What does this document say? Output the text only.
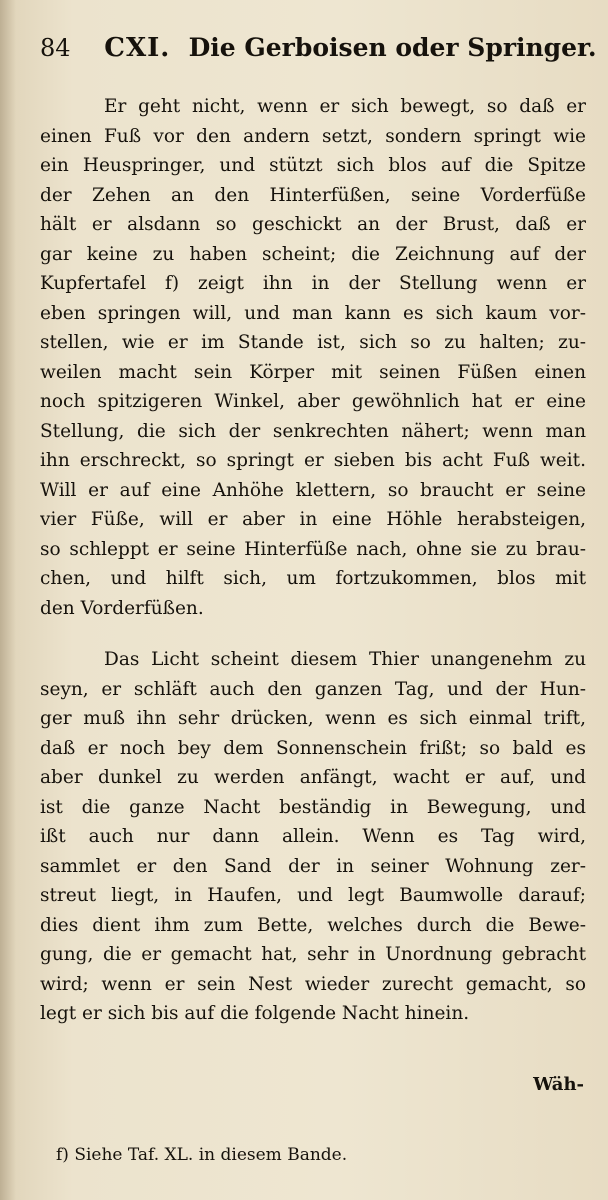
84 CXI. Die Gerboisen oder Springer.
Er geht nicht, wenn er sich bewegt, so daß er
einen Fuß vor den andern setzt, sondern springt wie
ein Heuspringer, und stützt sich blos auf die Spitze
der Zehen an den Hinterfüßen, seine Vorderfüße
hält er alsdann so geschickt an der Brust, daß er
gar keine zu haben scheint; die Zeichnung auf der
Kupfertafel f) zeigt ihn in der Stellung wenn er
eben springen will, und man kann es sich kaum vor-
stellen, wie er im Stande ist, sich so zu halten; zu-
weilen macht sein Körper mit seinen Füßen einen
noch spitzigeren Winkel, aber gewöhnlich hat er eine
Stellung, die sich der senkrechten nähert; wenn man
ihn erschreckt, so springt er sieben bis acht Fuß weit.
Will er auf eine Anhöhe klettern, so braucht er seine
vier Füße, will er aber in eine Höhle herabsteigen,
so schleppt er seine Hinterfüße nach, ohne sie zu brau-
chen, und hilft sich, um fortzukommen, blos mit
den Vorderfüßen.
Das Licht scheint diesem Thier unangenehm zu
seyn, er schläft auch den ganzen Tag, und der Hun-
ger muß ihn sehr drücken, wenn es sich einmal trift,
daß er noch bey dem Sonnenschein frißt; so bald es
aber dunkel zu werden anfängt, wacht er auf, und
ist die ganze Nacht beständig in Bewegung, und
ißt auch nur dann allein. Wenn es Tag wird,
sammlet er den Sand der in seiner Wohnung zer-
streut liegt, in Haufen, und legt Baumwolle darauf;
dies dient ihm zum Bette, welches durch die Bewe-
gung, die er gemacht hat, sehr in Unordnung gebracht
wird; wenn er sein Nest wieder zurecht gemacht, so
legt er sich bis auf die folgende Nacht hinein.
Wäh-
f) Siehe Taf. XL. in diesem Bande.
